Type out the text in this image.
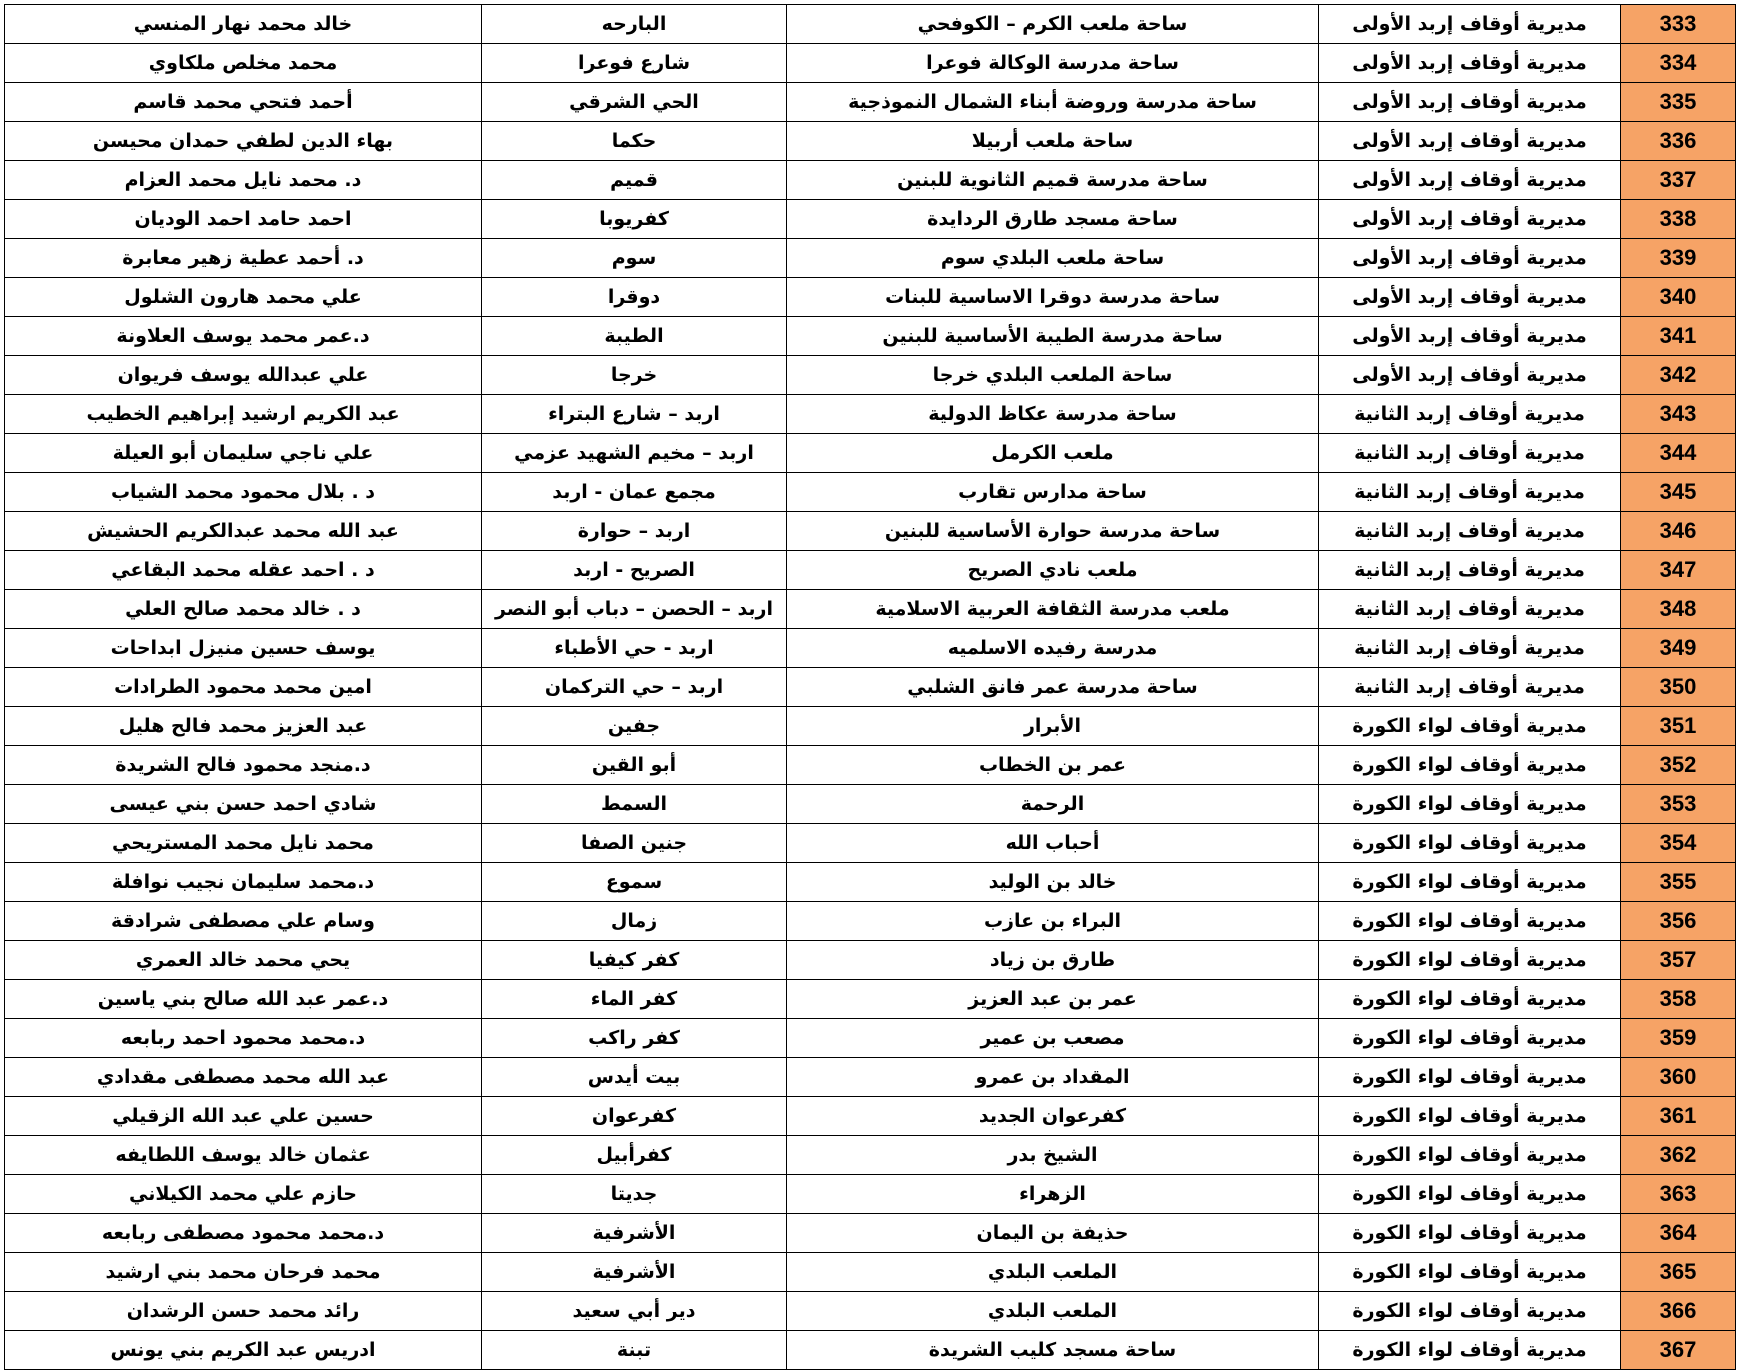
خالد محمد نهار المنسي	البارحه	ساحة ملعب الكرم – الكوفحي	مديرية أوقاف إربد الأولى	333
محمد مخلص ملكاوي	شارع فوعرا	ساحة مدرسة الوكالة فوعرا	مديرية أوقاف إربد الأولى	334
أحمد فتحي محمد قاسم	الحي الشرقي	ساحة مدرسة وروضة أبناء الشمال النموذجية	مديرية أوقاف إربد الأولى	335
بهاء الدين لطفي حمدان محيسن	حكما	ساحة ملعب أربيلا	مديرية أوقاف إربد الأولى	336
د. محمد نايل محمد العزام	قميم	ساحة مدرسة قميم الثانوية للبنين	مديرية أوقاف إربد الأولى	337
احمد حامد احمد الوديان	كفريوبا	ساحة مسجد طارق الردايدة	مديرية أوقاف إربد الأولى	338
د. أحمد عطية زهير معابرة	سوم	ساحة ملعب البلدي سوم	مديرية أوقاف إربد الأولى	339
علي محمد هارون الشلول	دوقرا	ساحة مدرسة دوقرا الاساسية للبنات	مديرية أوقاف إربد الأولى	340
د.عمر محمد يوسف العلاونة	الطيبة	ساحة مدرسة الطيبة الأساسية للبنين	مديرية أوقاف إربد الأولى	341
علي عبدالله يوسف فريوان	خرجا	ساحة الملعب البلدي خرجا	مديرية أوقاف إربد الأولى	342
عبد الكريم ارشيد إبراهيم الخطيب	اربد – شارع البتراء	ساحة مدرسة عكاظ الدولية	مديرية أوقاف إربد الثانية	343
علي ناجي سليمان أبو العيلة	اربد – مخيم الشهيد عزمي	ملعب الكرمل	مديرية أوقاف إربد الثانية	344
د . بلال محمود محمد الشياب	مجمع عمان - اربد	ساحة مدارس تقارب	مديرية أوقاف إربد الثانية	345
عبد الله محمد عبدالكريم الحشيش	اربد – حوارة	ساحة مدرسة حوارة الأساسية للبنين	مديرية أوقاف إربد الثانية	346
د . احمد عقله محمد البقاعي	الصريح - اربد	ملعب نادي الصريح	مديرية أوقاف إربد الثانية	347
د . خالد محمد صالح العلي	اربد – الحصن – دباب أبو النصر	ملعب مدرسة الثقافة العربية الاسلامية	مديرية أوقاف إربد الثانية	348
يوسف حسين منيزل ابداحات	اربد - حي الأطباء	مدرسة رفيده الاسلميه	مديرية أوقاف إربد الثانية	349
امين محمد محمود الطرادات	اربد – حي التركمان	ساحة مدرسة عمر فانق الشلبي	مديرية أوقاف إربد الثانية	350
عبد العزيز محمد فالح هليل	جفين	الأبرار	مديرية أوقاف لواء الكورة	351
د.منجد محمود فالح الشريدة	أبو القين	عمر بن الخطاب	مديرية أوقاف لواء الكورة	352
شادي احمد حسن بني عيسى	السمط	الرحمة	مديرية أوقاف لواء الكورة	353
محمد نايل محمد المستريحي	جنين الصفا	أحباب الله	مديرية أوقاف لواء الكورة	354
د.محمد سليمان نجيب نوافلة	سموع	خالد بن الوليد	مديرية أوقاف لواء الكورة	355
وسام علي مصطفى شرادقة	زمال	البراء بن عازب	مديرية أوقاف لواء الكورة	356
يحي محمد خالد العمري	كفر كيفيا	طارق بن زياد	مديرية أوقاف لواء الكورة	357
د.عمر عبد الله صالح بني ياسين	كفر الماء	عمر بن عبد العزيز	مديرية أوقاف لواء الكورة	358
د.محمد محمود احمد ربابعه	كفر راكب	مصعب بن عمير	مديرية أوقاف لواء الكورة	359
عبد الله محمد مصطفى مقدادي	بيت أيدس	المقداد بن عمرو	مديرية أوقاف لواء الكورة	360
حسين علي عبد الله الزقيلي	كفرعوان	كفرعوان الجديد	مديرية أوقاف لواء الكورة	361
عثمان خالد يوسف اللطايفه	كفرأبيل	الشيخ بدر	مديرية أوقاف لواء الكورة	362
حازم علي محمد الكيلاني	جديتا	الزهراء	مديرية أوقاف لواء الكورة	363
د.محمد محمود مصطفى ربابعه	الأشرفية	حذيفة بن اليمان	مديرية أوقاف لواء الكورة	364
محمد فرحان محمد بني ارشيد	الأشرفية	الملعب البلدي	مديرية أوقاف لواء الكورة	365
رائد محمد حسن الرشدان	دير أبي سعيد	الملعب البلدي	مديرية أوقاف لواء الكورة	366
ادريس عبد الكريم بني يونس	تبنة	ساحة مسجد كليب الشريدة	مديرية أوقاف لواء الكورة	367
